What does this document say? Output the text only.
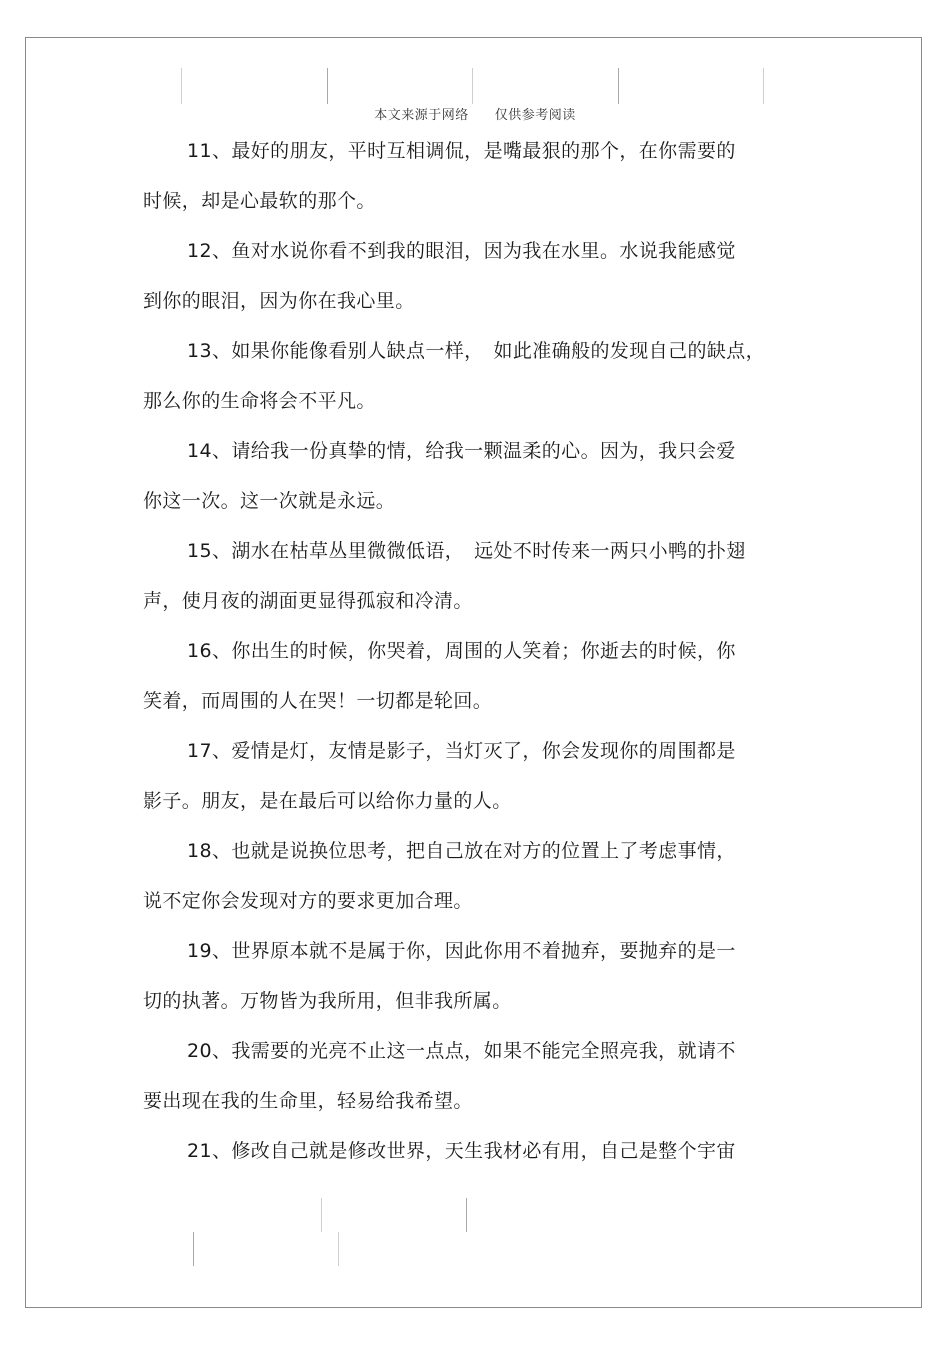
本文来源于网络 仅供参考阅读
11、最好的朋友，平时互相调侃，是嘴最狠的那个，在你需要的
时候，却是心最软的那个。
12、鱼对水说你看不到我的眼泪，因为我在水里。水说我能感觉
到你的眼泪，因为你在我心里。
13、如果你能像看别人缺点一样，　如此准确般的发现自己的缺点，
那么你的生命将会不平凡。
14、请给我一份真挚的情，给我一颗温柔的心。因为，我只会爱
你这一次。这一次就是永远。
15、湖水在枯草丛里微微低语，　远处不时传来一两只小鸭的扑翅
声，使月夜的湖面更显得孤寂和冷清。
16、你出生的时候，你哭着，周围的人笑着；你逝去的时候，你
笑着，而周围的人在哭！一切都是轮回。
17、爱情是灯，友情是影子，当灯灭了，你会发现你的周围都是
影子。朋友，是在最后可以给你力量的人。
18、也就是说换位思考，把自己放在对方的位置上了考虑事情，
说不定你会发现对方的要求更加合理。
19、世界原本就不是属于你，因此你用不着抛弃，要抛弃的是一
切的执著。万物皆为我所用，但非我所属。
20、我需要的光亮不止这一点点，如果不能完全照亮我，就请不
要出现在我的生命里，轻易给我希望。
21、修改自己就是修改世界，天生我材必有用，自己是整个宇宙
